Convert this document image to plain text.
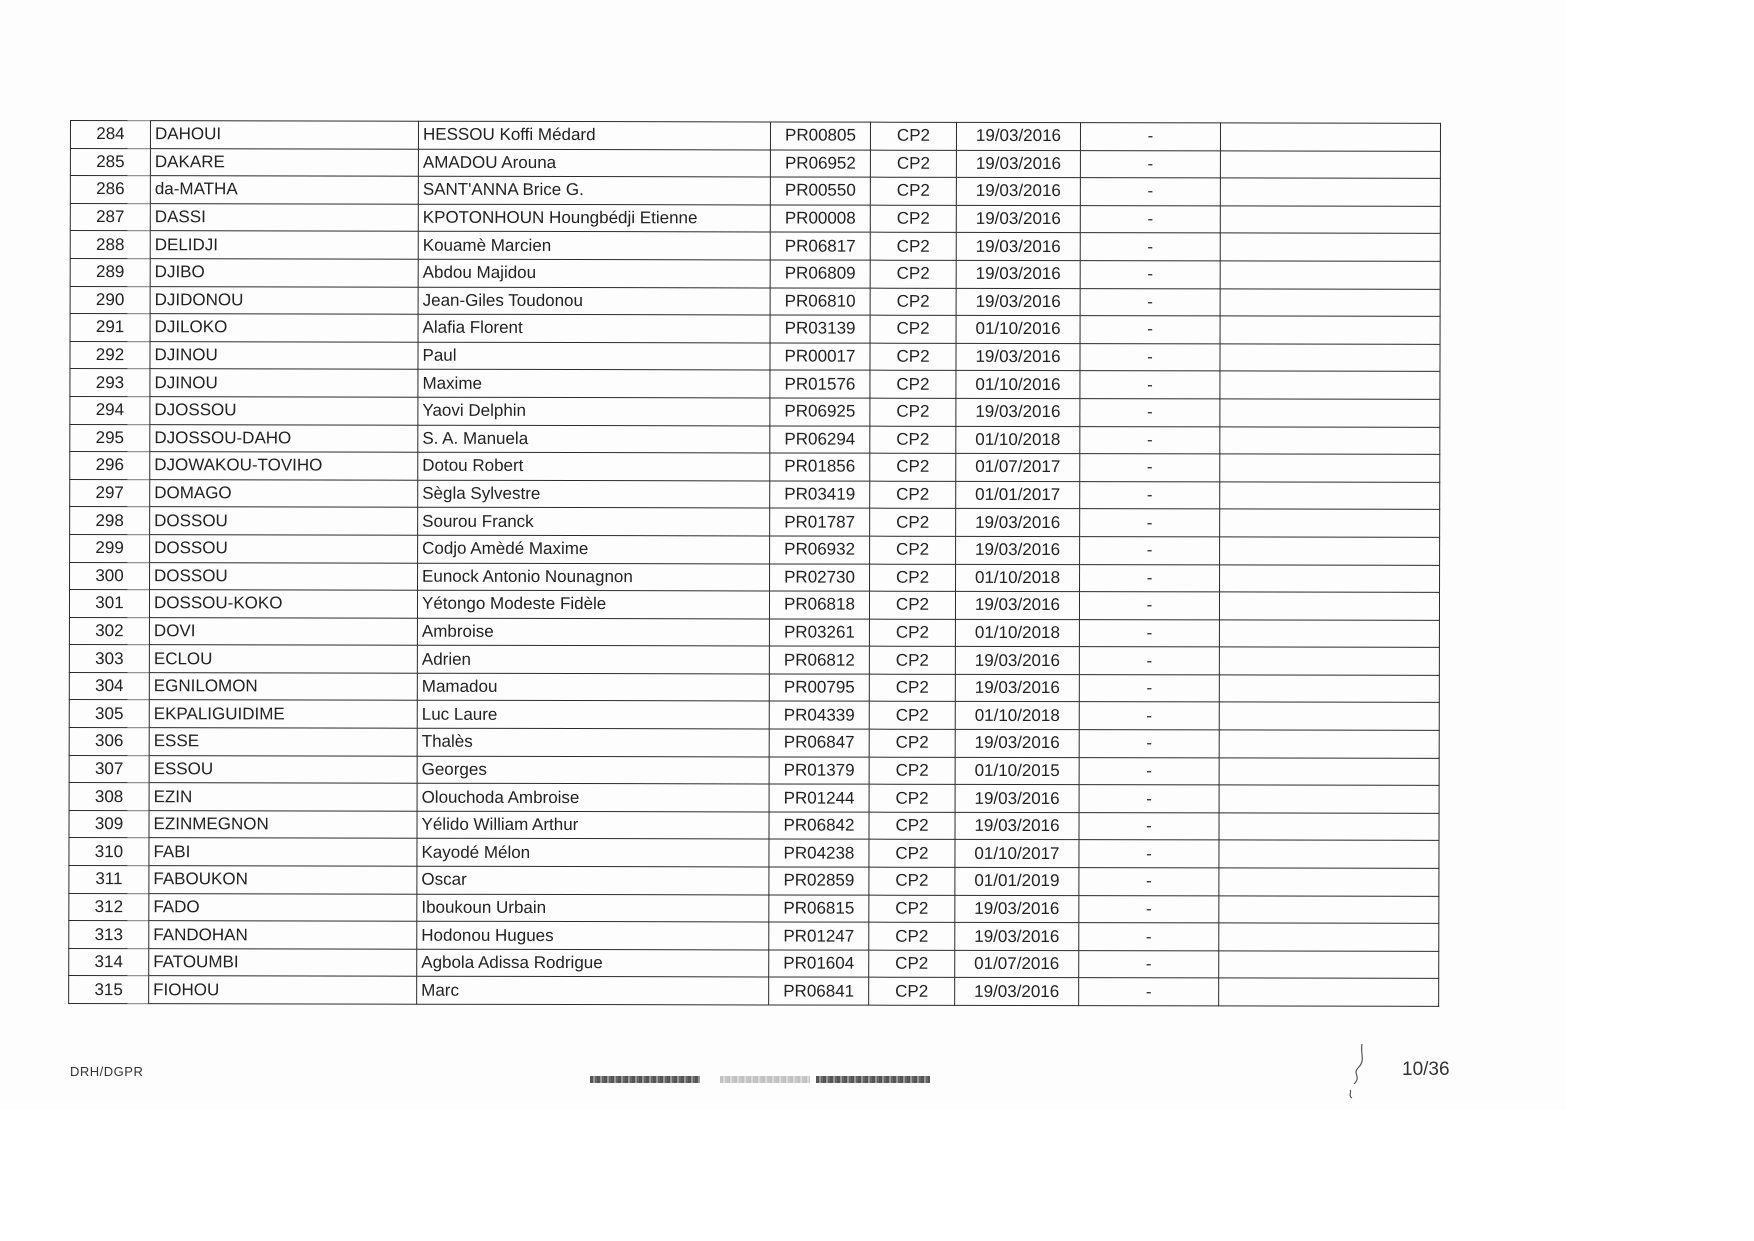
284	DAHOUI	HESSOU Koffi Médard	PR00805	CP2	19/03/2016	-	
285	DAKARE	AMADOU Arouna	PR06952	CP2	19/03/2016	-	
286	da-MATHA	SANT'ANNA Brice G.	PR00550	CP2	19/03/2016	-	
287	DASSI	KPOTONHOUN Houngbédji Etienne	PR00008	CP2	19/03/2016	-	
288	DELIDJI	Kouamè Marcien	PR06817	CP2	19/03/2016	-	
289	DJIBO	Abdou Majidou	PR06809	CP2	19/03/2016	-	
290	DJIDONOU	Jean-Giles Toudonou	PR06810	CP2	19/03/2016	-	
291	DJILOKO	Alafia Florent	PR03139	CP2	01/10/2016	-	
292	DJINOU	Paul	PR00017	CP2	19/03/2016	-	
293	DJINOU	Maxime	PR01576	CP2	01/10/2016	-	
294	DJOSSOU	Yaovi Delphin	PR06925	CP2	19/03/2016	-	
295	DJOSSOU-DAHO	S. A. Manuela	PR06294	CP2	01/10/2018	-	
296	DJOWAKOU-TOVIHO	Dotou Robert	PR01856	CP2	01/07/2017	-	
297	DOMAGO	Sègla Sylvestre	PR03419	CP2	01/01/2017	-	
298	DOSSOU	Sourou Franck	PR01787	CP2	19/03/2016	-	
299	DOSSOU	Codjo Amèdé Maxime	PR06932	CP2	19/03/2016	-	
300	DOSSOU	Eunock Antonio Nounagnon	PR02730	CP2	01/10/2018	-	
301	DOSSOU-KOKO	Yétongo Modeste Fidèle	PR06818	CP2	19/03/2016	-	
302	DOVI	Ambroise	PR03261	CP2	01/10/2018	-	
303	ECLOU	Adrien	PR06812	CP2	19/03/2016	-	
304	EGNILOMON	Mamadou	PR00795	CP2	19/03/2016	-	
305	EKPALIGUIDIME	Luc Laure	PR04339	CP2	01/10/2018	-	
306	ESSE	Thalès	PR06847	CP2	19/03/2016	-	
307	ESSOU	Georges	PR01379	CP2	01/10/2015	-	
308	EZIN	Olouchoda Ambroise	PR01244	CP2	19/03/2016	-	
309	EZINMEGNON	Yélido William Arthur	PR06842	CP2	19/03/2016	-	
310	FABI	Kayodé Mélon	PR04238	CP2	01/10/2017	-	
311	FABOUKON	Oscar	PR02859	CP2	01/01/2019	-	
312	FADO	Iboukoun Urbain	PR06815	CP2	19/03/2016	-	
313	FANDOHAN	Hodonou Hugues	PR01247	CP2	19/03/2016	-	
314	FATOUMBI	Agbola Adissa Rodrigue	PR01604	CP2	01/07/2016	-	
315	FIOHOU	Marc	PR06841	CP2	19/03/2016	-	
DRH/DGPR	10/36
